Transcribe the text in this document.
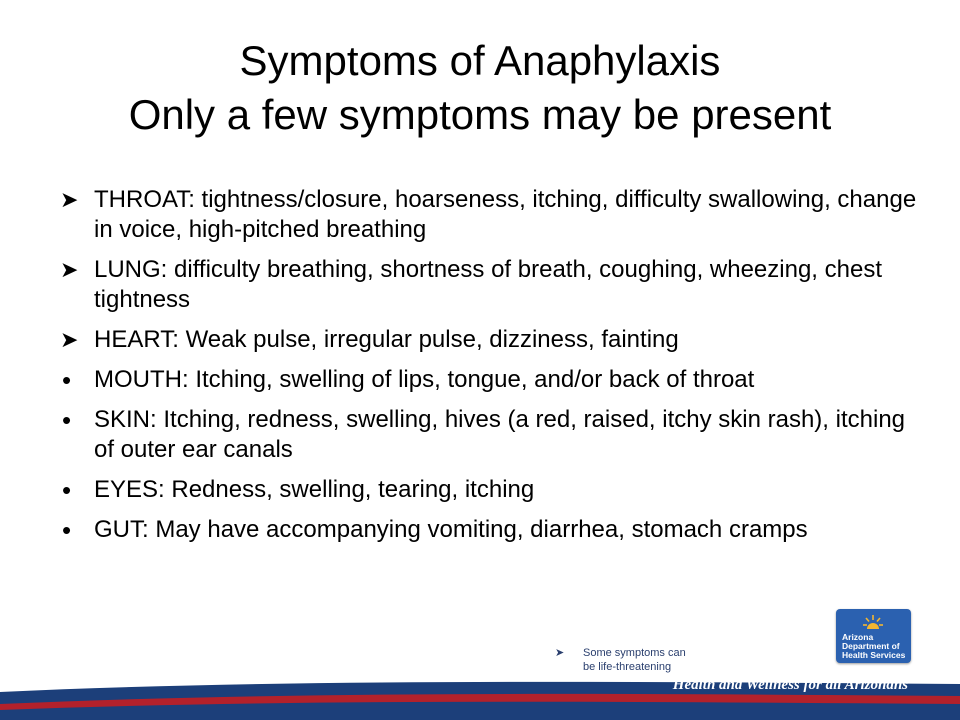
Symptoms of Anaphylaxis
Only a few symptoms may be present
➤ THROAT: tightness/closure, hoarseness, itching, difficulty swallowing, change in voice, high-pitched breathing
➤ LUNG: difficulty breathing, shortness of breath, coughing, wheezing, chest tightness
➤ HEART: Weak pulse, irregular pulse, dizziness, fainting
• MOUTH: Itching, swelling of lips, tongue, and/or back of throat
• SKIN: Itching, redness, swelling, hives (a red, raised, itchy skin rash), itching of outer ear canals
• EYES: Redness, swelling, tearing, itching
• GUT: May have accompanying vomiting, diarrhea, stomach cramps
➤	Some symptoms can be life-threatening
Health and Wellness for all Arizonans
Arizona
Department of
Health Services
